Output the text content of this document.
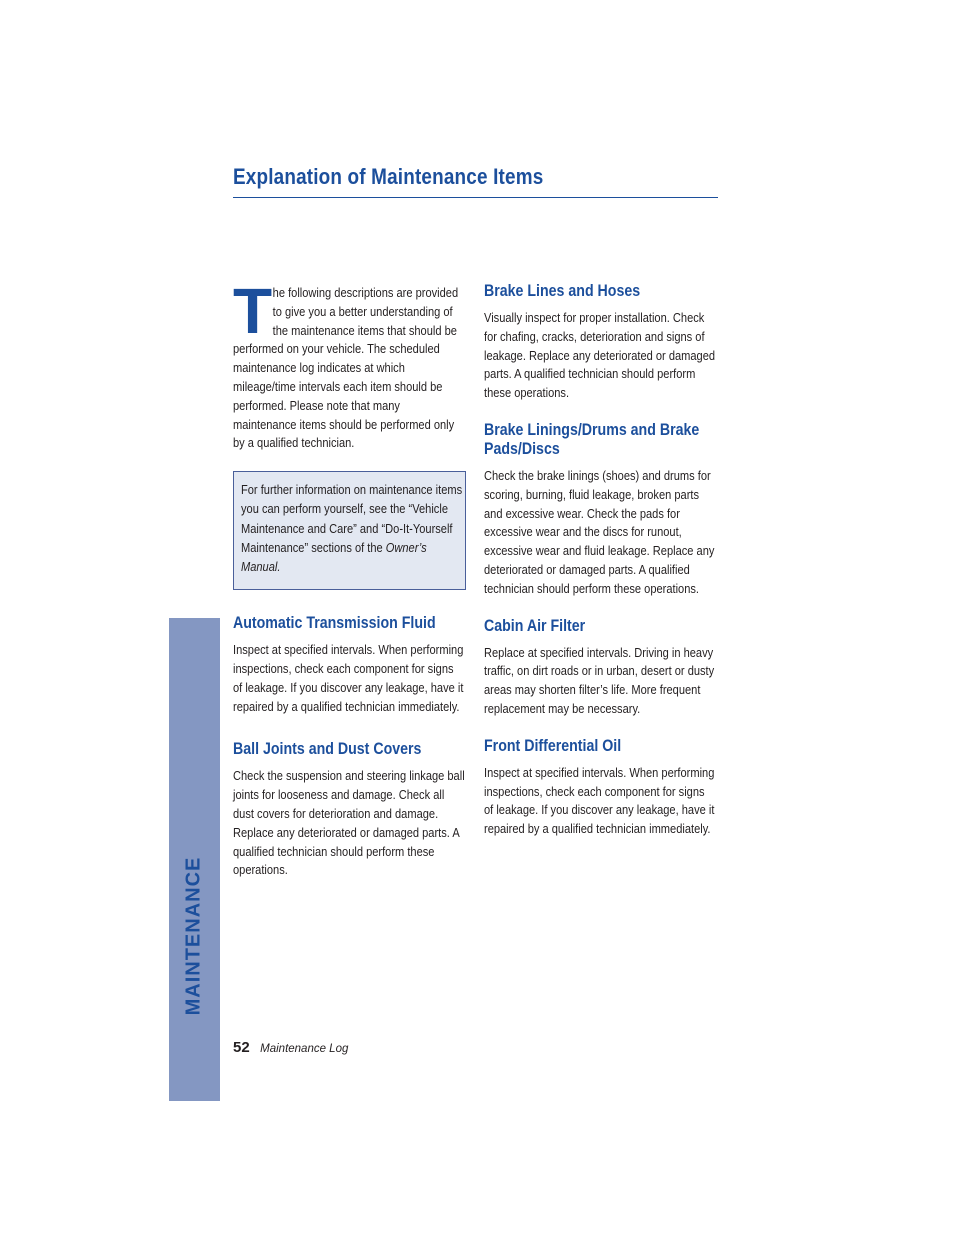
Explanation of Maintenance Items
T he following descriptions are provided to give you a better understanding of the maintenance items that should be performed on your vehicle. The scheduled maintenance log indicates at which mileage/time intervals each item should be performed. Please note that many maintenance items should be performed only by a qualified technician.
For further information on maintenance items you can perform yourself, see the “Vehicle Maintenance and Care” and “Do-It-Yourself Maintenance” sections of the Owner’s Manual.
Automatic Transmission Fluid
Inspect at specified intervals. When performing inspections, check each component for signs of leakage. If you discover any leakage, have it repaired by a qualified technician immediately.
Ball Joints and Dust Covers
Check the suspension and steering linkage ball joints for looseness and damage. Check all dust covers for deterioration and damage. Replace any deteriorated or damaged parts. A qualified technician should perform these operations.
Brake Lines and Hoses
Visually inspect for proper installation. Check for chafing, cracks, deterioration and signs of leakage. Replace any deteriorated or damaged parts. A qualified technician should perform these operations.
Brake Linings/Drums and Brake Pads/Discs
Check the brake linings (shoes) and drums for scoring, burning, fluid leakage, broken parts and excessive wear. Check the pads for excessive wear and the discs for runout, excessive wear and fluid leakage. Replace any deteriorated or damaged parts. A qualified technician should perform these operations.
Cabin Air Filter
Replace at specified intervals. Driving in heavy traffic, on dirt roads or in urban, desert or dusty areas may shorten filter’s life. More frequent replacement may be necessary.
Front Differential Oil
Inspect at specified intervals. When performing inspections, check each component for signs of leakage. If you discover any leakage, have it repaired by a qualified technician immediately.
MAINTENANCE
52 Maintenance Log
